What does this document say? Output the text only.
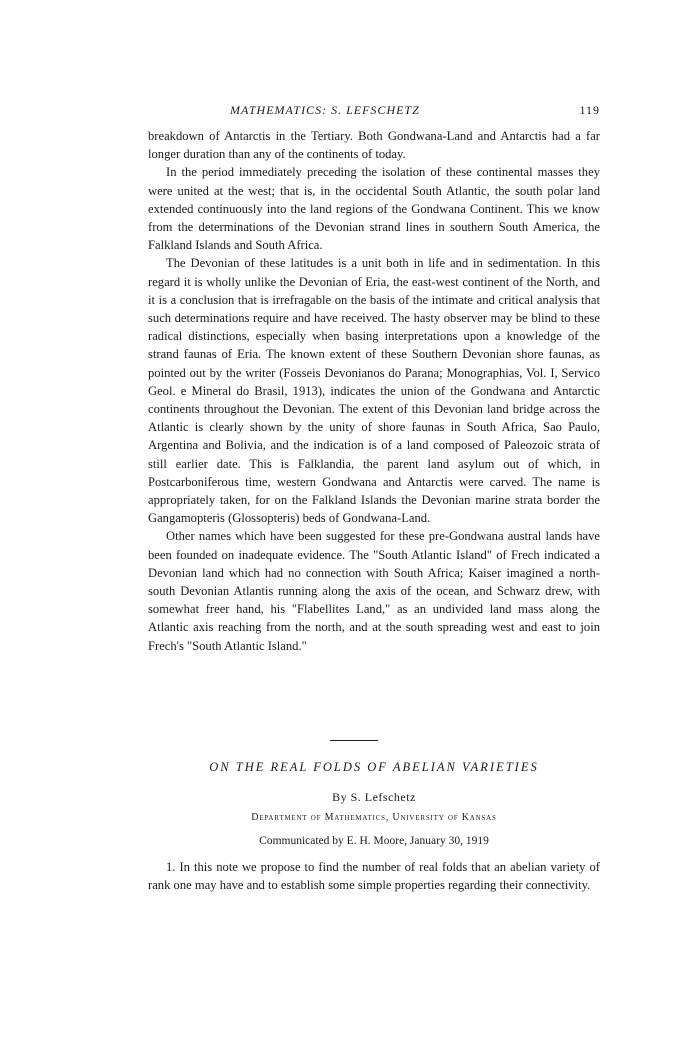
MATHEMATICS: S. LEFSCHETZ	119

breakdown of Antarctis in the Tertiary. Both Gondwana-Land and Antarctis had a far longer duration than any of the continents of today.

In the period immediately preceding the isolation of these continental masses they were united at the west; that is, in the occidental South Atlantic, the south polar land extended continuously into the land regions of the Gondwana Continent. This we know from the determinations of the Devonian strand lines in southern South America, the Falkland Islands and South Africa.

The Devonian of these latitudes is a unit both in life and in sedimentation. In this regard it is wholly unlike the Devonian of Eria, the east-west continent of the North, and it is a conclusion that is irrefragable on the basis of the intimate and critical analysis that such determinations require and have received. The hasty observer may be blind to these radical distinctions, especially when basing interpretations upon a knowledge of the strand faunas of Eria. The known extent of these Southern Devonian shore faunas, as pointed out by the writer (Fosseis Devonianos do Parana; Monographias, Vol. I, Servico Geol. e Mineral do Brasil, 1913), indicates the union of the Gondwana and Antarctic continents throughout the Devonian. The extent of this Devonian land bridge across the Atlantic is clearly shown by the unity of shore faunas in South Africa, Sao Paulo, Argentina and Bolivia, and the indication is of a land composed of Paleozoic strata of still earlier date. This is Falklandia, the parent land asylum out of which, in Postcarboniferous time, western Gondwana and Antarctis were carved. The name is appropriately taken, for on the Falkland Islands the Devonian marine strata border the Gangamopteris (Glossopteris) beds of Gondwana-Land.

Other names which have been suggested for these pre-Gondwana austral lands have been founded on inadequate evidence. The "South Atlantic Island" of Frech indicated a Devonian land which had no connection with South Africa; Kaiser imagined a north-south Devonian Atlantis running along the axis of the ocean, and Schwarz drew, with somewhat freer hand, his "Flabellites Land," as an undivided land mass along the Atlantic axis reaching from the north, and at the south spreading west and east to join Frech's "South Atlantic Island."

ON THE REAL FOLDS OF ABELIAN VARIETIES
By S. Lefschetz
Department of Mathematics, University of Kansas
Communicated by E. H. Moore, January 30, 1919

1. In this note we propose to find the number of real folds that an abelian variety of rank one may have and to establish some simple properties regarding their connectivity.
